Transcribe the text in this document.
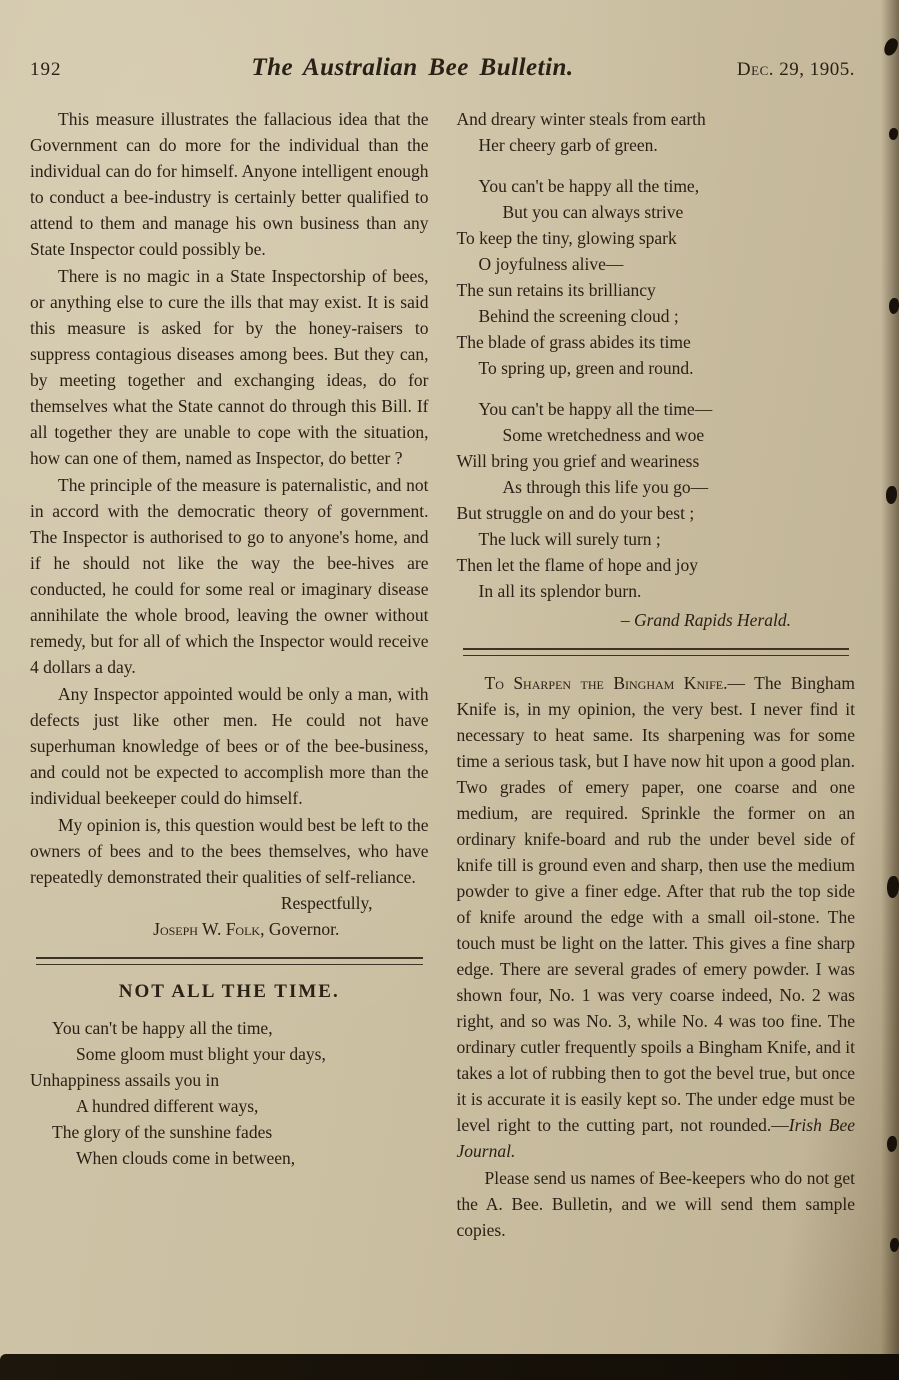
192	The Australian Bee Bulletin.	Dec. 29, 1905.

This measure illustrates the fallacious idea that the Government can do more for the individual than the individual can do for himself. Anyone intelligent enough to conduct a bee-industry is certainly better qualified to attend to them and manage his own business than any State Inspector could possibly be.

There is no magic in a State Inspectorship of bees, or anything else to cure the ills that may exist. It is said this measure is asked for by the honey-raisers to suppress contagious diseases among bees. But they can, by meeting together and exchanging ideas, do for themselves what the State cannot do through this Bill. If all together they are unable to cope with the situation, how can one of them, named as Inspector, do better ?

The principle of the measure is paternalistic, and not in accord with the democratic theory of government. The Inspector is authorised to go to anyone's home, and if he should not like the way the bee-hives are conducted, he could for some real or imaginary disease annihilate the whole brood, leaving the owner without remedy, but for all of which the Inspector would receive 4 dollars a day.

Any Inspector appointed would be only a man, with defects just like other men. He could not have superhuman knowledge of bees or of the bee-business, and could not be expected to accomplish more than the individual beekeeper could do himself.

My opinion is, this question would best be left to the owners of bees and to the bees themselves, who have repeatedly demonstrated their qualities of self-reliance.

Respectfully,
Joseph W. Folk, Governor.
NOT ALL THE TIME.
You can't be happy all the time,
Some gloom must blight your days,
Unhappiness assails you in
A hundred different ways,
The glory of the sunshine fades
When clouds come in between,
And dreary winter steals from earth
Her cheery garb of green.
You can't be happy all the time,
But you can always strive
To keep the tiny, glowing spark
O joyfulness alive—
The sun retains its brilliancy
Behind the screening cloud ;
The blade of grass abides its time
To spring up, green and round.
You can't be happy all the time—
Some wretchedness and woe
Will bring you grief and weariness
As through this life you go—
But struggle on and do your best ;
The luck will surely turn ;
Then let the flame of hope and joy
In all its splendor burn.
– Grand Rapids Herald.

To Sharpen the Bingham Knife.— The Bingham Knife is, in my opinion, the very best. I never find it necessary to heat same. Its sharpening was for some time a serious task, but I have now hit upon a good plan. Two grades of emery paper, one coarse and one medium, are required. Sprinkle the former on an ordinary knife-board and rub the under bevel side of knife till is ground even and sharp, then use the medium powder to give a finer edge. After that rub the top side of knife around the edge with a small oil-stone. The touch must be light on the latter. This gives a fine sharp edge. There are several grades of emery powder. I was shown four, No. 1 was very coarse indeed, No. 2 was right, and so was No. 3, while No. 4 was too fine. The ordinary cutler frequently spoils a Bingham Knife, and it takes a lot of rubbing then to got the bevel true, but once it is accurate it is easily kept so. The under edge must be level right to the cutting part, not rounded.—Irish Bee Journal.

Please send us names of Bee-keepers who do not get the A. Bee. Bulletin, and we will send them sample copies.
